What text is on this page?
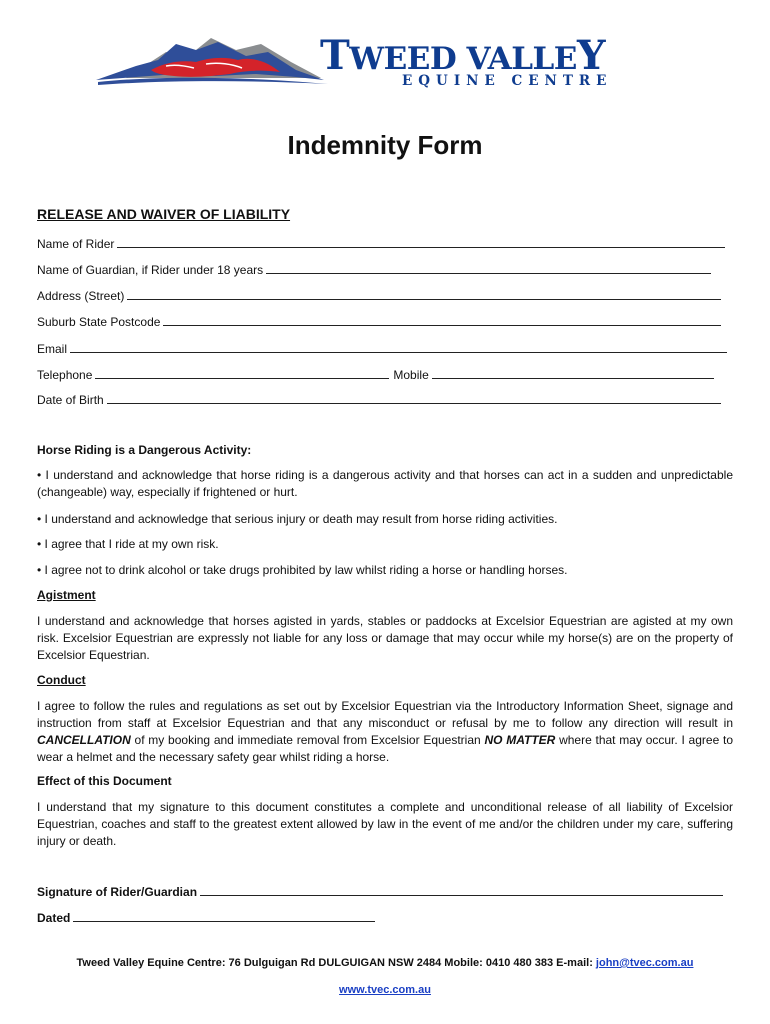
TWEED VALLEY
EQUINE CENTRE
Indemnity Form
RELEASE AND WAIVER OF LIABILITY
Name of Rider
Name of Guardian, if Rider under 18 years
Address (Street)
Suburb State Postcode
Email
Telephone	Mobile
Date of Birth
Horse Riding is a Dangerous Activity:
• I understand and acknowledge that horse riding is a dangerous activity and that horses can act in a sudden and unpredictable (changeable) way, especially if frightened or hurt.
• I understand and acknowledge that serious injury or death may result from horse riding activities.
• I agree that I ride at my own risk.
• I agree not to drink alcohol or take drugs prohibited by law whilst riding a horse or handling horses.
Agistment
I understand and acknowledge that horses agisted in yards, stables or paddocks at Excelsior Equestrian are agisted at my own risk. Excelsior Equestrian are expressly not liable for any loss or damage that may occur while my horse(s) are on the property of Excelsior Equestrian.
Conduct
I agree to follow the rules and regulations as set out by Excelsior Equestrian via the Introductory Information Sheet, signage and instruction from staff at Excelsior Equestrian and that any misconduct or refusal by me to follow any direction will result in CANCELLATION of my booking and immediate removal from Excelsior Equestrian NO MATTER where that may occur. I agree to wear a helmet and the necessary safety gear whilst riding a horse.
Effect of this Document
I understand that my signature to this document constitutes a complete and unconditional release of all liability of Excelsior Equestrian, coaches and staff to the greatest extent allowed by law in the event of me and/or the children under my care, suffering injury or death.
Signature of Rider/Guardian
Dated
Tweed Valley Equine Centre: 76 Dulguigan Rd DULGUIGAN NSW 2484 Mobile: 0410 480 383 E-mail: john@tvec.com.au
www.tvec.com.au
